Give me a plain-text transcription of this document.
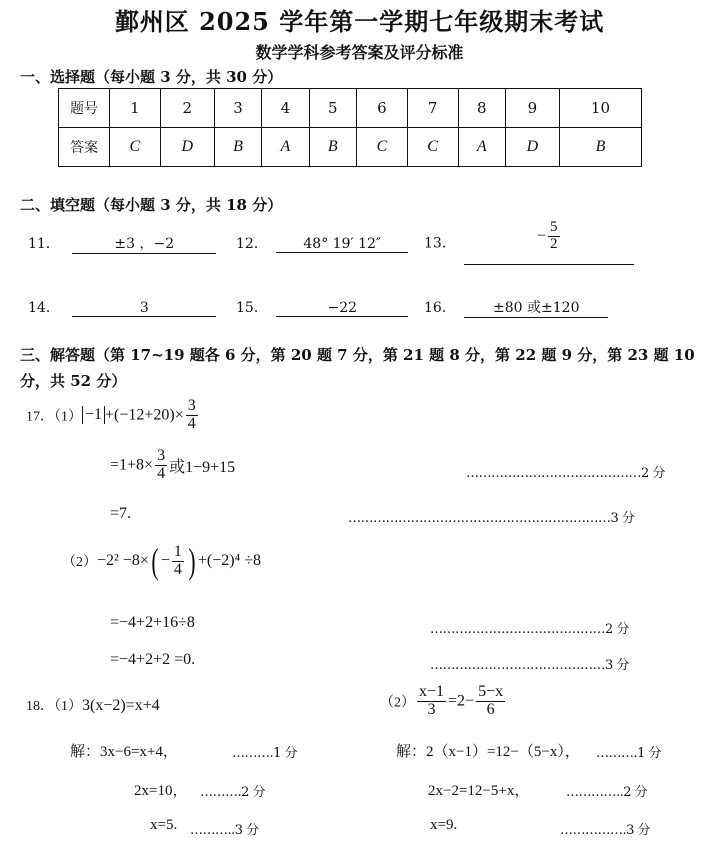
鄞州区 2025 学年第一学期七年级期末考试
数学学科参考答案及评分标准
一、选择题（每小题 3 分，共 30 分）
题号	1	2	3	4	5	6	7	8	9	10
答案	C	D	B	A	B	C	C	A	D	B
二、填空题（每小题 3 分，共 18 分）
11．	±3 ，−2	12．	48° 19′ 12″	13．	− $\frac{5}{2}$
14．	3	15．	−22	16．	±80 或±120
三、解答题（第 17~19 题各 6 分，第 20 题 7 分，第 21 题 8 分，第 22 题 9 分，第 23 题 10
分，共 52 分）
17．$(1) -1 +(-12+20)\times \frac{3}{4}$
$=1+8\times \frac{3}{4}$ 或1−9+15	……………………………………2 分
=7.	………………………………………………………3 分
$(2)-2^2 -8\times( - \frac{1}{4}$ ) +(−2)⁴ ÷8
=−4+2+16÷8	……………………………………2 分
=−4+2+2 =0.	……………………………………3 分
18．（1）3(x−2)=x+4
解：3x−6=x+4，	……….1 分
2x=10， ……….2 分
x=5. ………..3 分
$(2) \frac{x-1}{3} =2- \frac{5-x}{6}$
解：2（x−1）=12−（5−x）， ……….1 分
2x−2=12−5+x，	…………..2 分
x=9.	…………….3 分
